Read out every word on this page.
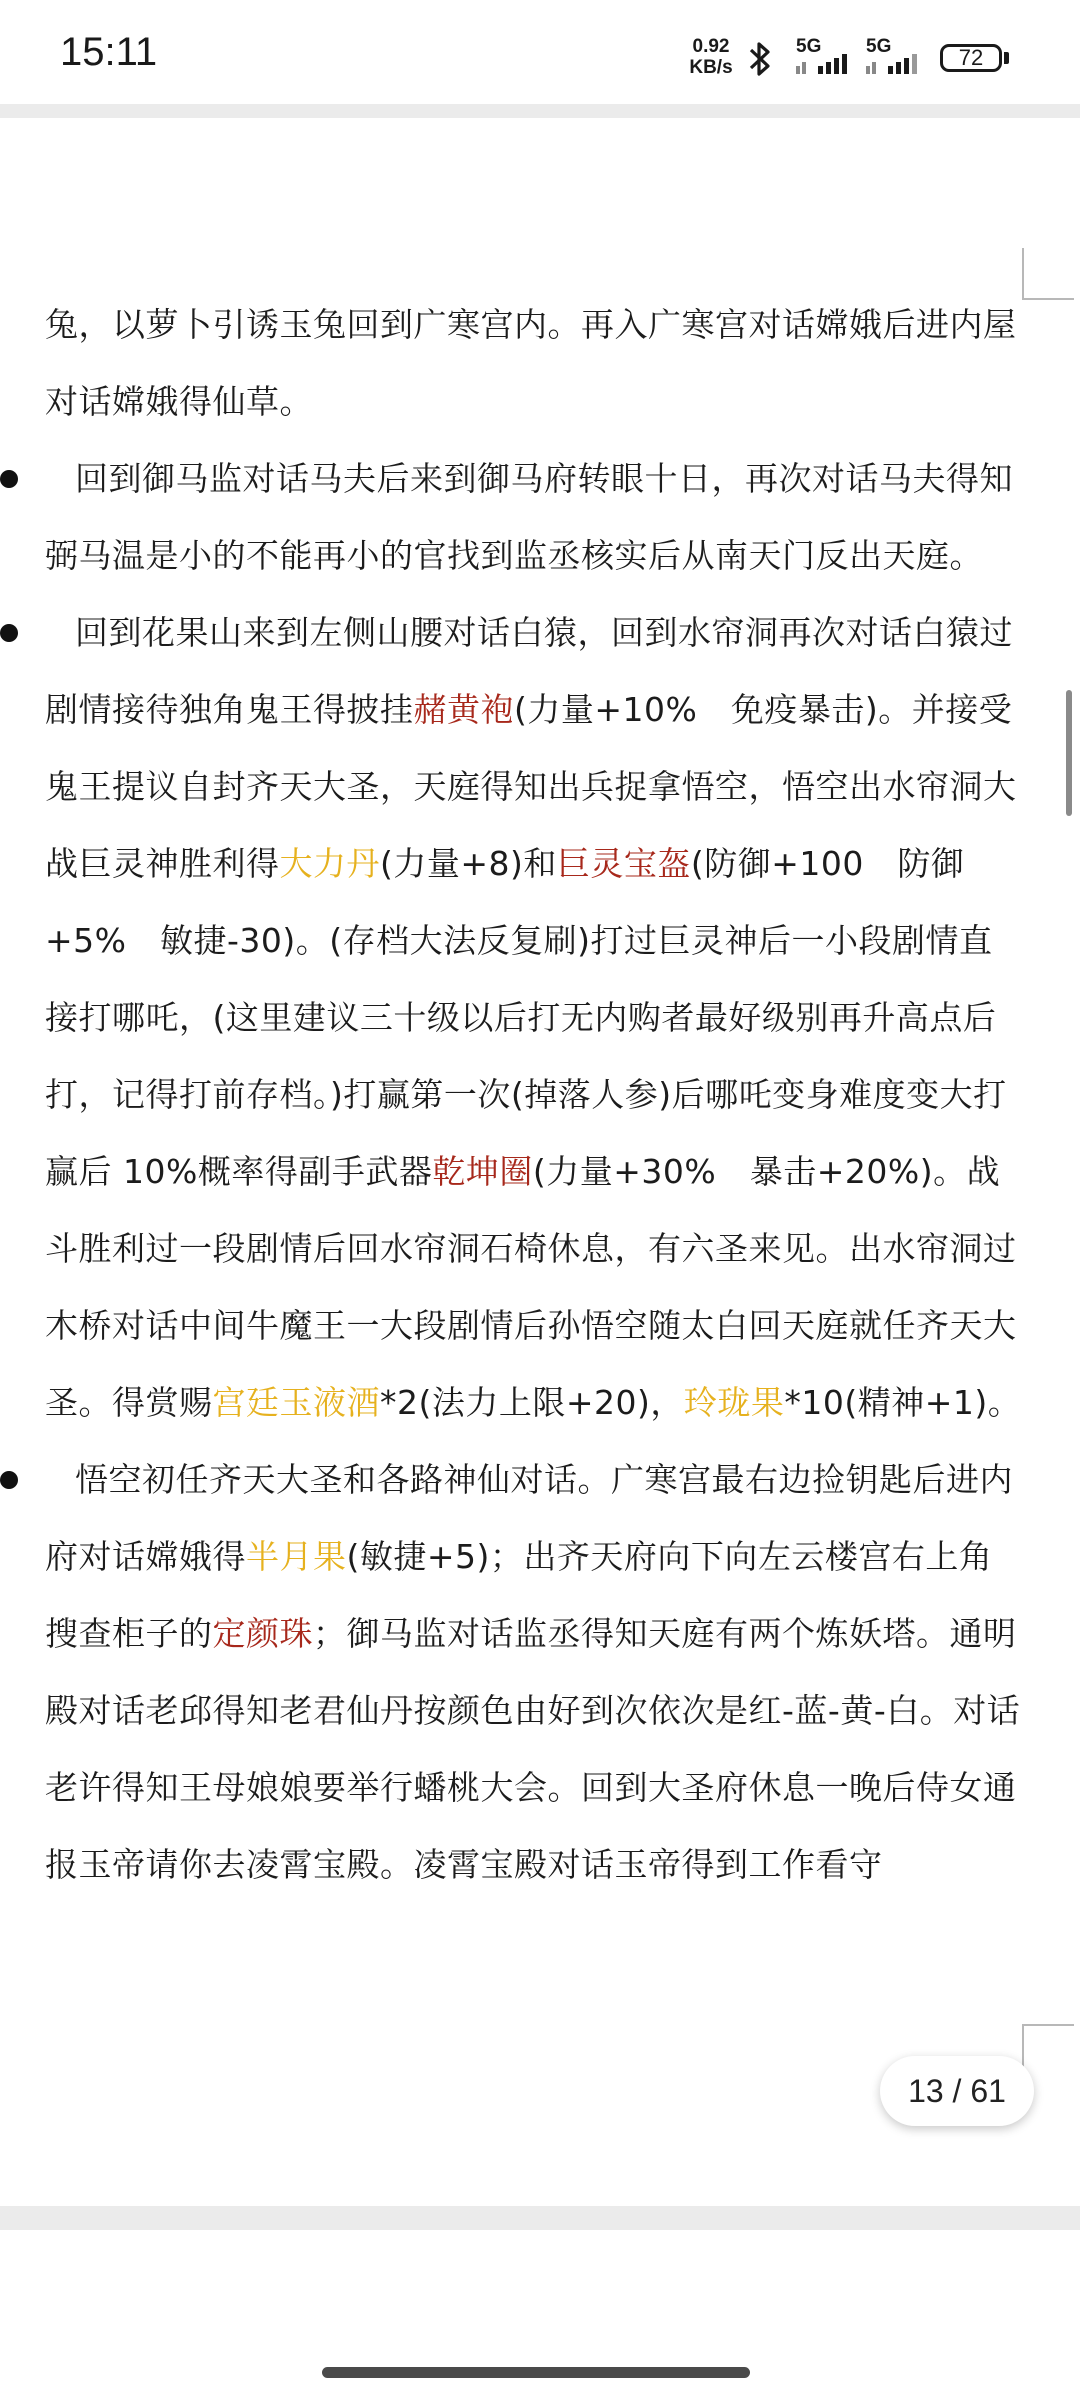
15:11	0.92
KB/s
5G 5G	72

兔，以萝卜引诱玉兔回到广寒宫内。再入广寒宫对话嫦娥后进内屋对话嫦娥得仙草。

回到御马监对话马夫后来到御马府转眼十日，再次对话马夫得知弼马温是小的不能再小的官找到监丞核实后从南天门反出天庭。

回到花果山来到左侧山腰对话白猿，回到水帘洞再次对话白猿过剧情接待独角鬼王得披挂赭黄袍(力量+10%　免疫暴击)。并接受鬼王提议自封齐天大圣，天庭得知出兵捉拿悟空，悟空出水帘洞大战巨灵神胜利得大力丹(力量+8)和巨灵宝盔(防御+100　防御+5%　敏捷-30)。(存档大法反复刷)打过巨灵神后一小段剧情直接打哪吒，(这里建议三十级以后打无内购者最好级别再升高点后打，记得打前存档。)打赢第一次(掉落人参)后哪吒变身难度变大打赢后 10%概率得副手武器乾坤圈(力量+30%　暴击+20%)。战斗胜利过一段剧情后回水帘洞石椅休息，有六圣来见。出水帘洞过木桥对话中间牛魔王一大段剧情后孙悟空随太白回天庭就任齐天大圣。得赏赐宫廷玉液酒*2(法力上限+20)，玲珑果*10(精神+1)。

悟空初任齐天大圣和各路神仙对话。广寒宫最右边捡钥匙后进内府对话嫦娥得半月果(敏捷+5)；出齐天府向下向左云楼宫右上角搜查柜子的定颜珠；御马监对话监丞得知天庭有两个炼妖塔。通明殿对话老邱得知老君仙丹按颜色由好到次依次是红-蓝-黄-白。对话老许得知王母娘娘要举行蟠桃大会。回到大圣府休息一晚后侍女通报玉帝请你去凌霄宝殿。凌霄宝殿对话玉帝得到工作看守

13 / 61
